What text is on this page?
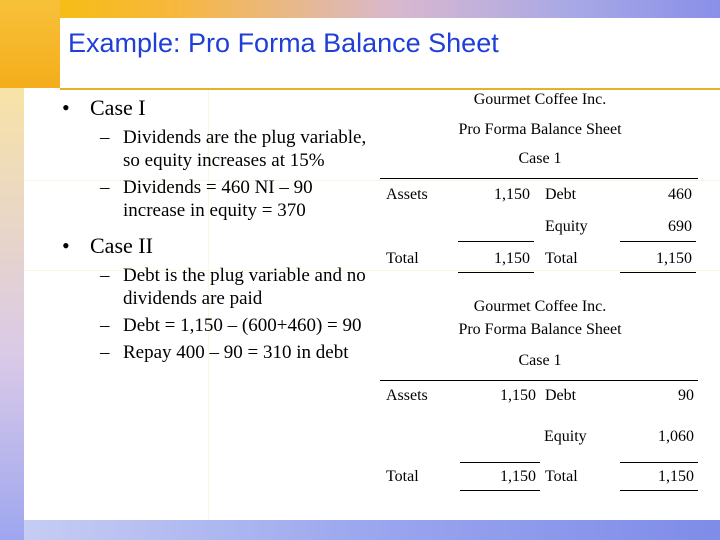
Example: Pro Forma Balance Sheet
• Case I
– Dividends are the plug variable, so equity increases at 15%
– Dividends = 460 NI – 90 increase in equity = 370
• Case II
– Debt is the plug variable and no dividends are paid
– Debt = 1,150 – (600+460) = 90
– Repay 400 – 90 = 310 in debt
Gourmet Coffee Inc.
Pro Forma Balance Sheet
Case 1
Assets	1,150 Debt	460
Equity	690
Total	1,150 Total	1,150
Gourmet Coffee Inc.
Pro Forma Balance Sheet
Case 1
Assets	1,150 Debt	90
Equity	1,060
Total	1,150 Total	1,150
